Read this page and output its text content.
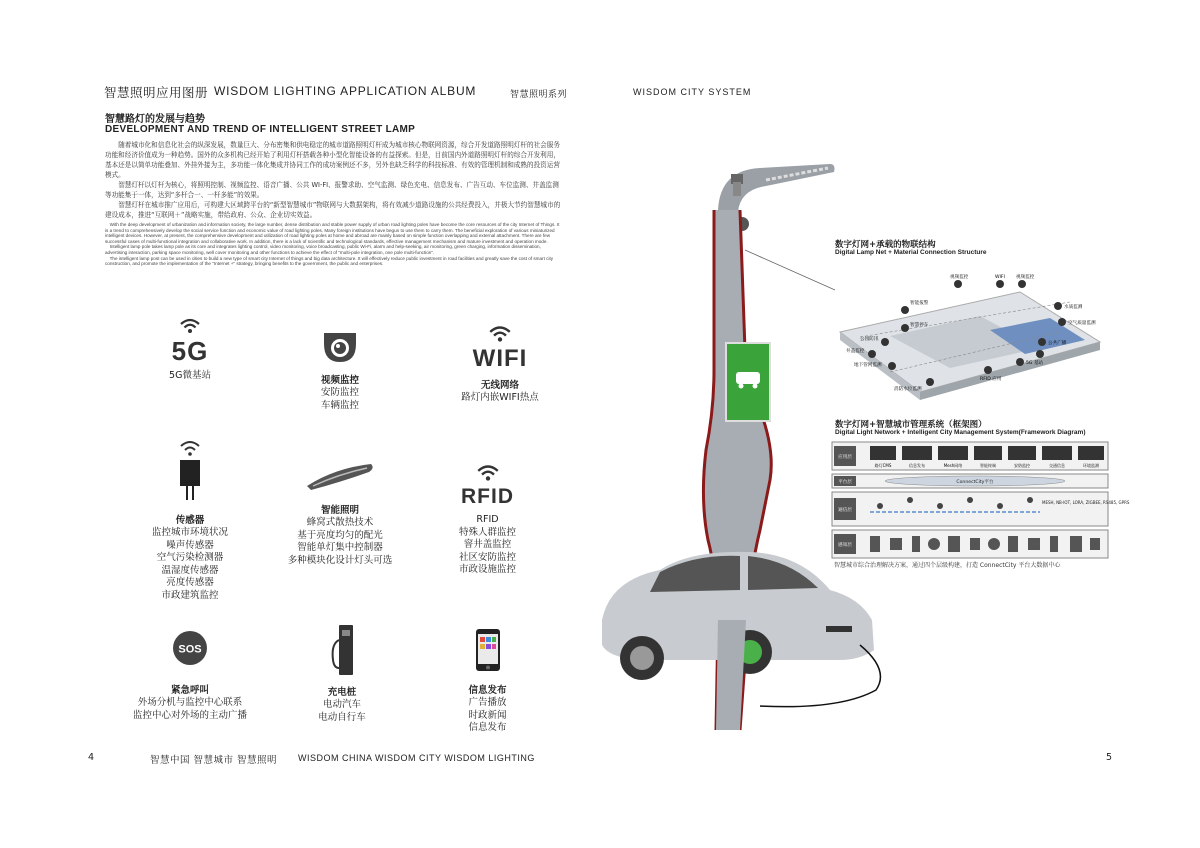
智慧照明应用图册 WISDOM LIGHTING APPLICATION ALBUM	智慧照明系列	WISDOM CITY SYSTEM
智慧路灯的发展与趋势
DEVELOPMENT AND TREND OF INTELLIGENT STREET LAMP

随着城市化和信息化社会的纵深发展，数量巨大、分布密集和供电稳定的城市道路照明灯杆成为城市核心物联网资源，综合开发道路照明灯杆的社会服务功能和经济价值成为一种趋势。国外的众多机构已经开始了利用灯杆搭载各种小型化智能设备的有益探索。但是，目前国内外道路照明灯杆的综合开发利用，基本还是以简单功能叠加、外挂外接为主，多功能一体化集成并协同工作的成功案例还不多，另外也缺乏科学的科技标准、有效的管理机制和成熟的投资运营模式。

智慧灯杆以灯杆为核心，将照明控制、视频监控、语音广播、公共 WI-FI、报警求助、空气监测、绿色充电、信息发布、广告互动、车位监测、井盖监测等功能集于一体，达到“多杆合一、一杆多能”的效果。

智慧灯杆在城市推广应用后，可构建大区域跨平台的“新型智慧城市”物联网与大数据架构，将有效减少道路设施的公共经费投入，并极大节约智慧城市的建设成本，推进“互联网＋”战略实施，带给政府、公众、企业切实效益。

With the deep development of urbanization and information society, the large number, dense distribution and stable power supply of urban road lighting poles have become the core resources of the city Internet of Things. It is a trend to comprehensively develop the social service function and economic value of road lighting poles. Many foreign institutions have begun to use them to carry them. The beneficial exploration of various miniaturized intelligent devices. However, at present, the comprehensive development and utilization of road lighting poles at home and abroad are mainly based on simple function overlapping and external attachment. There are few successful cases of multi-functional integration and collaborative work. In addition, there is a lack of scientific and technological standards, effective management mechanism and mature investment and operation mode.

Intelligent lamp pole takes lamp pole as its core and integrates lighting control, video monitoring, voice broadcasting, public Wi-Fi, alarm and help-seeking, air monitoring, green charging, information dissemination, advertising interaction, parking space monitoring, well cover monitoring and other functions to achieve the effect of "multi-pole integration, one pole multi-function".

The intelligent lamp post can be used in cities to build a new type of smart city Internet of things and big data architecture. It will effectively reduce public investment in road facilities and greatly save the cost of smart city construction, and promote the implementation of the "Internet +" strategy, bringing benefits to the government, the public and enterprises.

5G
5G微基站	视频监控
安防监控
车辆监控
WIFI
无线网络
路灯内嵌WIFI热点
传感器
监控城市环境状况
噪声传感器
空气污染检测器
温湿度传感器
亮度传感器
市政建筑监控
智能照明
蜂窝式散热技术
基于亮度均匀的配光
智能单灯集中控制器
多种模块化设计灯头可选
RFID
RFID
特殊人群监控
窨井盖监控
社区安防监控
市政设施监控
SOS
紧急呼叫
外场分机与监控中心联系
监控中心对外场的主动广播
充电桩
电动汽车
电动自行车
信息发布
广告播放
时政新闻
信息发布
数字灯网+承载的物联结构
Digital Lamp Net + Material Connection Structure
智能报警
视频监控	WIFI 视频监控
水质监测
空气质量监测
公共广播
5G 基站
RFID 应用
智慧停车
公园防汛
井盖监控
地下管网监测
消防水位监测
数字灯网+智慧城市管理系统（框架图）
Digital Light Network + Intelligent City Management System(Framework Diagram)
应用层
平台层
通信层
感知层
路灯CMS	信息发布	Mesh网络	智能终端	安防监控	交通信息	环境监测
ConnectCity平台
MESH, NB-IOT, LORA, ZIGBEE, RS485, GPRS
智慧城市综合治理解决方案，通过四个层级构建，打造 ConnectCity 平台大数据中心
4	智慧中国 智慧城市 智慧照明 WISDOM CHINA WISDOM CITY WISDOM LIGHTING	5
